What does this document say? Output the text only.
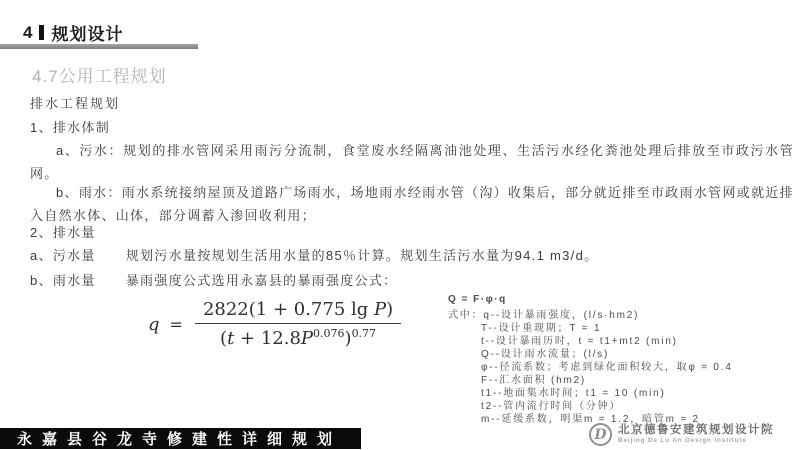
4 规划设计
4.7公用工程规划
排水工程规划
1、排水体制
a、污水：规划的排水管网采用雨污分流制，食堂废水经隔离油池处理、生活污水经化粪池处理后排放至市政污水管网。
b、雨水：雨水系统接纳屋顶及道路广场雨水，场地雨水经雨水管（沟）收集后，部分就近排至市政雨水管网或就近排入自然水体、山体，部分调蓄入渗回收利用；
2、排水量
a、污水量 规划污水量按规划生活用水量的85％计算。规划生活污水量为94.1 m3/d。
b、雨水量 暴雨强度公式选用永嘉县的暴雨强度公式：
$q = \frac{\text{2822(1 + 0.775 lg P)}}{(t + 12.8P^{0.076})^{0.77}}$	Q = F·φ·q
式中：q--设计暴雨强度，(l/s·hm2)
T--设计重现期；T = 1
t--设计暴雨历时，t = t1+mt2 (min)
Q--设计雨水流量；(l/s)
φ--径流系数；考虑到绿化面积较大，取φ = 0.4
F--汇水面积 (hm2)
t1--地面集水时间；t1 = 10 (min)
t2--管内流行时间（分钟）
m--延缓系数，明渠m = 1.2，暗管m = 2
永嘉县谷龙寺修建性详细规划	D 北京德鲁安建筑规划设计院
Beijing De Lu An Design Institute
